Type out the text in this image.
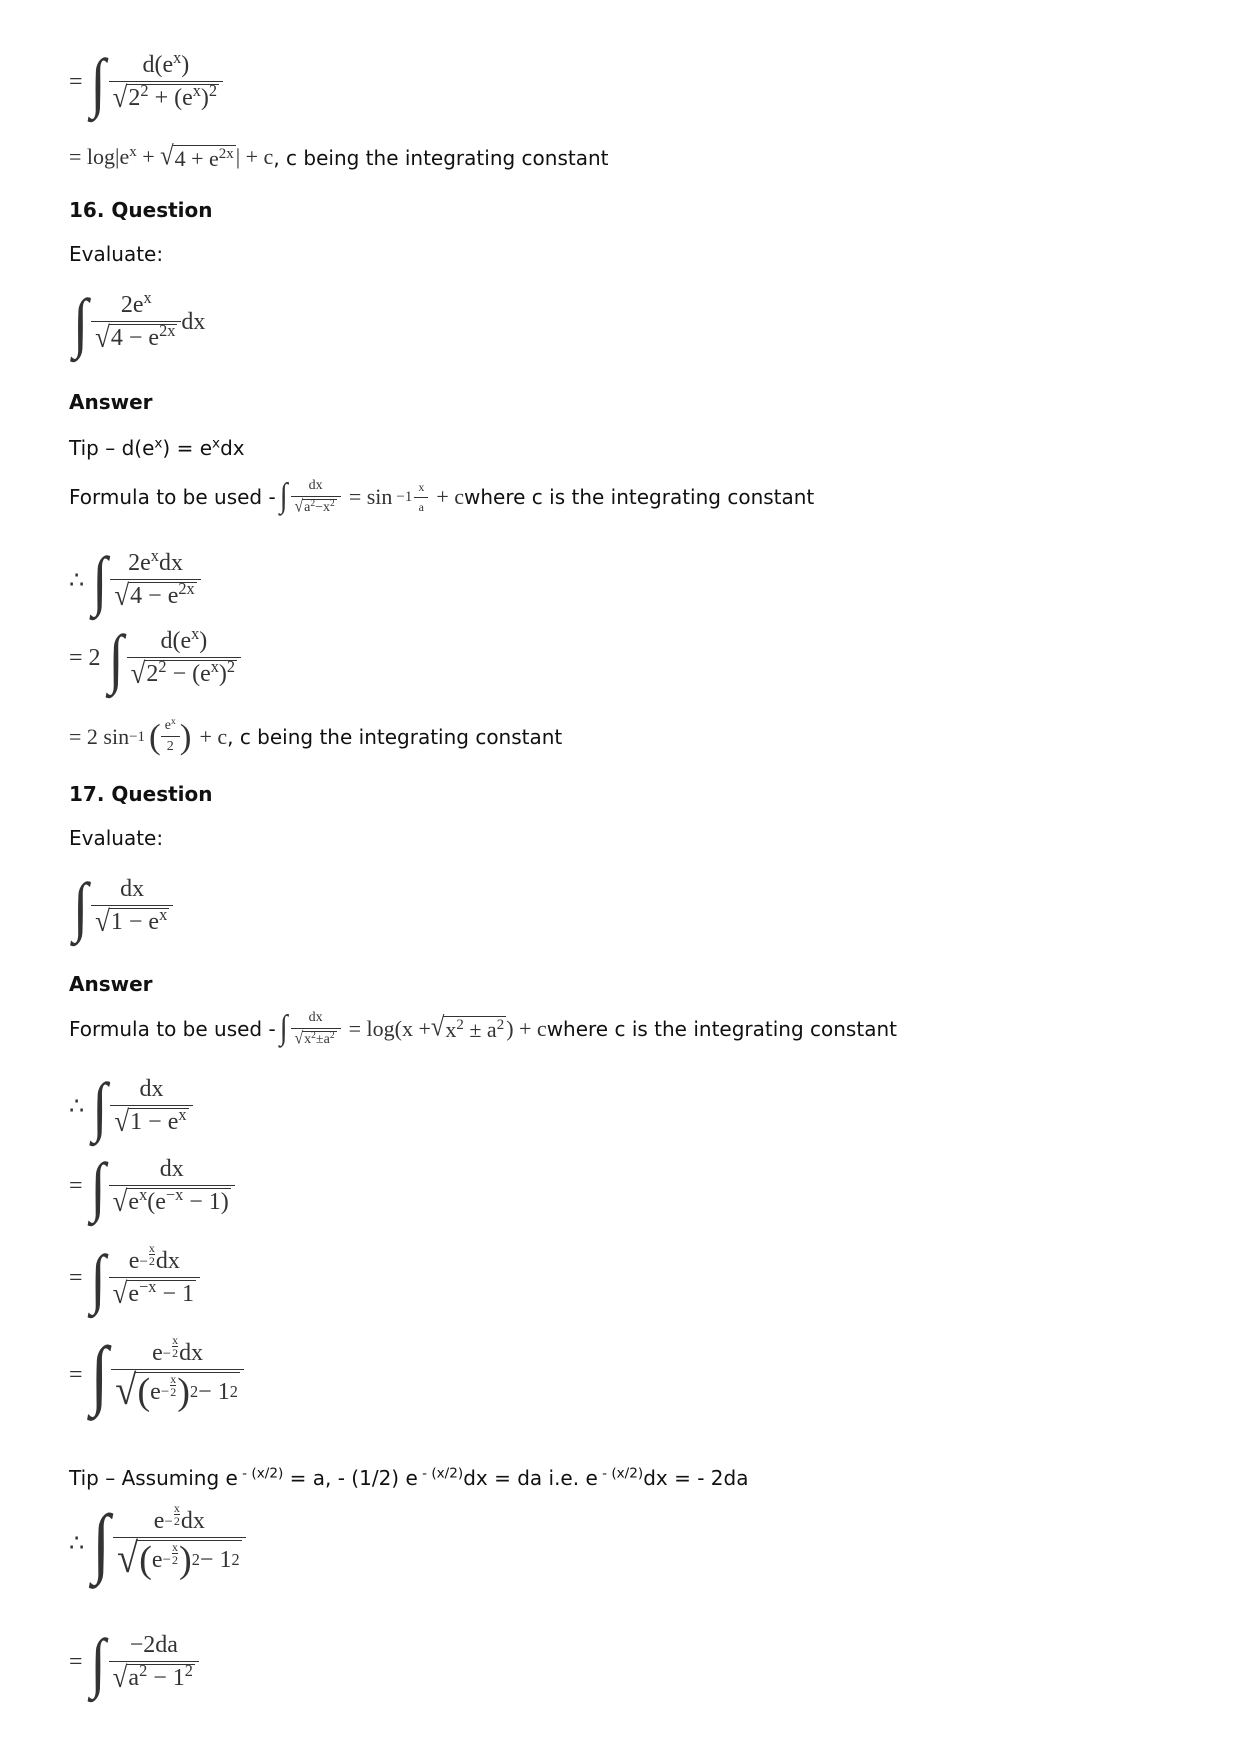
= ∫ $\frac{d(e^x)}{√ 2^2 + (e^x)^2}$
= $\log|e^x$ + √ $4 + e^{2x}$ | + c , c being the integrating constant
16. Question
Evaluate:
∫ $\frac{2e^x}{√ 4 - e^{2x}}$ dx
Answer
Tip – $d(e^x) = e^xdx$
Formula to be used - ∫ $\frac{dx}{√ a^2-x^2} = \sin -1 \frac{x}{a} + c$ where c is the integrating constant
∴ ∫ $\frac{2e^xdx}{√ 4 - e^{2x}}$
= 2 ∫ $\frac{d(e^x)}{√ 2^2 - (e^x)^2}$
= 2 sin −1 ( $\frac{e^x}{2}$ ) + c , c being the integrating constant
17. Question
Evaluate:
∫ $\frac{dx}{√ 1 - e^x}$
Answer
Formula to be used - ∫ $\frac{dx}{√ x^2\pm a^2} = \log(x$ + √ $x^2 \pm a^2$ ) + c where c is the integrating constant
∴ ∫ $\frac{dx}{√ 1 - e^x}$
= ∫ $\frac{dx}{√ e^x(e^{-x} - 1)}$
= ∫ $\frac{e - \frac{x}{2} dx}{√ e^{-x} - 1}$
= ∫ $\frac{e - \frac{x}{2} dx}{√ ( e - \frac{x}{2} ) 2 - 1 2}$
Tip – Assuming e $^{- (x/2)}$ = a, - (1/2) e $^{- (x/2)}$dx = da i.e. e $^{- (x/2)}$dx = - 2da
∴ ∫ $\frac{e - \frac{x}{2} dx}{√ ( e - \frac{x}{2} ) 2 - 1 2}$
= ∫ $\frac{-2da}{√ a^2 - 1^2}$
